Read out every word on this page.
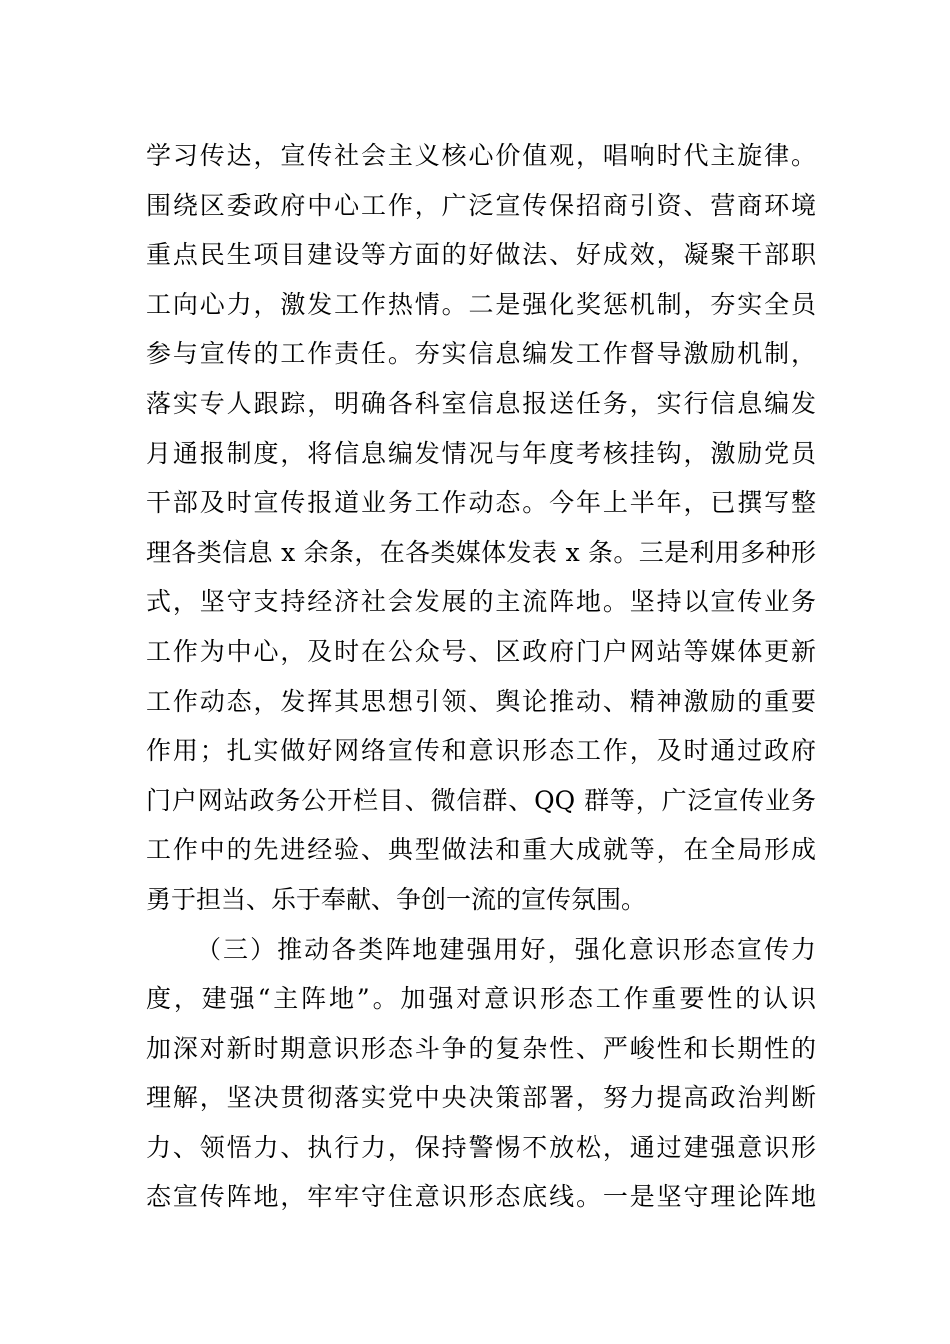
学习传达，宣传社会主义核心价值观，唱响时代主旋律。
围绕区委政府中心工作，广泛宣传保招商引资、营商环境
重点民生项目建设等方面的好做法、好成效，凝聚干部职
工向心力，激发工作热情。二是强化奖惩机制，夯实全员
参与宣传的工作责任。夯实信息编发工作督导激励机制，
落实专人跟踪，明确各科室信息报送任务，实行信息编发
月通报制度，将信息编发情况与年度考核挂钩，激励党员
干部及时宣传报道业务工作动态。今年上半年，已撰写整
理各类信息 x 余条，在各类媒体发表 x 条。三是利用多种形
式，坚守支持经济社会发展的主流阵地。坚持以宣传业务
工作为中心，及时在公众号、区政府门户网站等媒体更新
工作动态，发挥其思想引领、舆论推动、精神激励的重要
作用；扎实做好网络宣传和意识形态工作，及时通过政府
门户网站政务公开栏目、微信群、QQ 群等，广泛宣传业务
工作中的先进经验、典型做法和重大成就等，在全局形成
勇于担当、乐于奉献、争创一流的宣传氛围。
（三）推动各类阵地建强用好，强化意识形态宣传力
度，建强“主阵地”。加强对意识形态工作重要性的认识
加深对新时期意识形态斗争的复杂性、严峻性和长期性的
理解，坚决贯彻落实党中央决策部署，努力提高政治判断
力、领悟力、执行力，保持警惕不放松，通过建强意识形
态宣传阵地，牢牢守住意识形态底线。一是坚守理论阵地
